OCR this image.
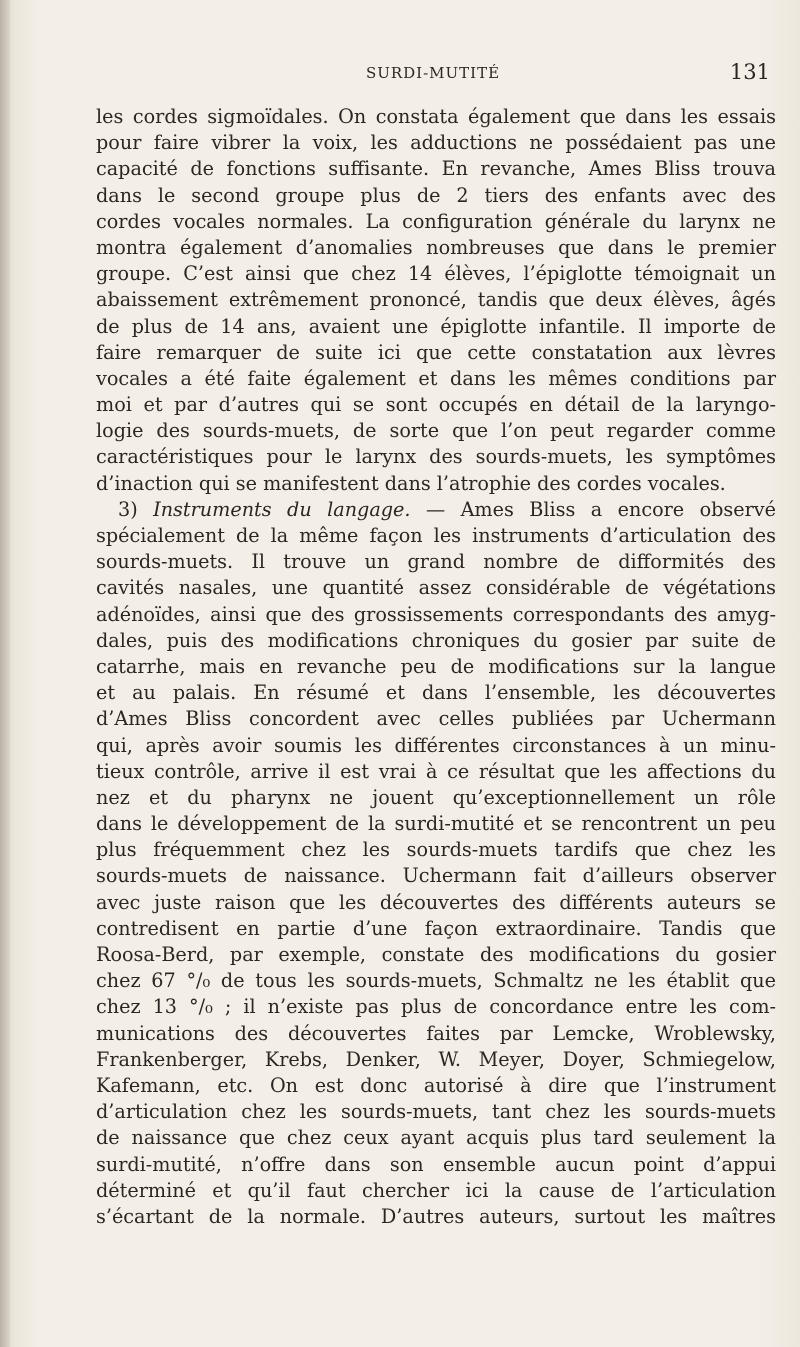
SURDI-MUTITÉ	131
les cordes sigmoïdales. On constata également que dans les essais
pour faire vibrer la voix, les adductions ne possédaient pas une
capacité de fonctions suffisante. En revanche, Ames Bliss trouva
dans le second groupe plus de 2 tiers des enfants avec des
cordes vocales normales. La configuration générale du larynx ne
montra également d’anomalies nombreuses que dans le premier
groupe. C’est ainsi que chez 14 élèves, l’épiglotte témoignait un
abaissement extrêmement prononcé, tandis que deux élèves, âgés
de plus de 14 ans, avaient une épiglotte infantile. Il importe de
faire remarquer de suite ici que cette constatation aux lèvres
vocales a été faite également et dans les mêmes conditions par
moi et par d’autres qui se sont occupés en détail de la laryngo-
logie des sourds-muets, de sorte que l’on peut regarder comme
caractéristiques pour le larynx des sourds-muets, les symptômes
d’inaction qui se manifestent dans l’atrophie des cordes vocales.
3) Instruments du langage. — Ames Bliss a encore observé
spécialement de la même façon les instruments d’articulation des
sourds-muets. Il trouve un grand nombre de difformités des
cavités nasales, une quantité assez considérable de végétations
adénoïdes, ainsi que des grossissements correspondants des amyg-
dales, puis des modifications chroniques du gosier par suite de
catarrhe, mais en revanche peu de modifications sur la langue
et au palais. En résumé et dans l’ensemble, les découvertes
d’Ames Bliss concordent avec celles publiées par Uchermann
qui, après avoir soumis les différentes circonstances à un minu-
tieux contrôle, arrive il est vrai à ce résultat que les affections du
nez et du pharynx ne jouent qu’exceptionnellement un rôle
dans le développement de la surdi-mutité et se rencontrent un peu
plus fréquemment chez les sourds-muets tardifs que chez les
sourds-muets de naissance. Uchermann fait d’ailleurs observer
avec juste raison que les découvertes des différents auteurs se
contredisent en partie d’une façon extraordinaire. Tandis que
Roosa-Berd, par exemple, constate des modifications du gosier
chez 67 °/₀ de tous les sourds-muets, Schmaltz ne les établit que
chez 13 °/₀ ; il n’existe pas plus de concordance entre les com-
munications des découvertes faites par Lemcke, Wroblewsky,
Frankenberger, Krebs, Denker, W. Meyer, Doyer, Schmiegelow,
Kafemann, etc. On est donc autorisé à dire que l’instrument
d’articulation chez les sourds-muets, tant chez les sourds-muets
de naissance que chez ceux ayant acquis plus tard seulement la
surdi-mutité, n’offre dans son ensemble aucun point d’appui
déterminé et qu’il faut chercher ici la cause de l’articulation
s’écartant de la normale. D’autres auteurs, surtout les maîtres
